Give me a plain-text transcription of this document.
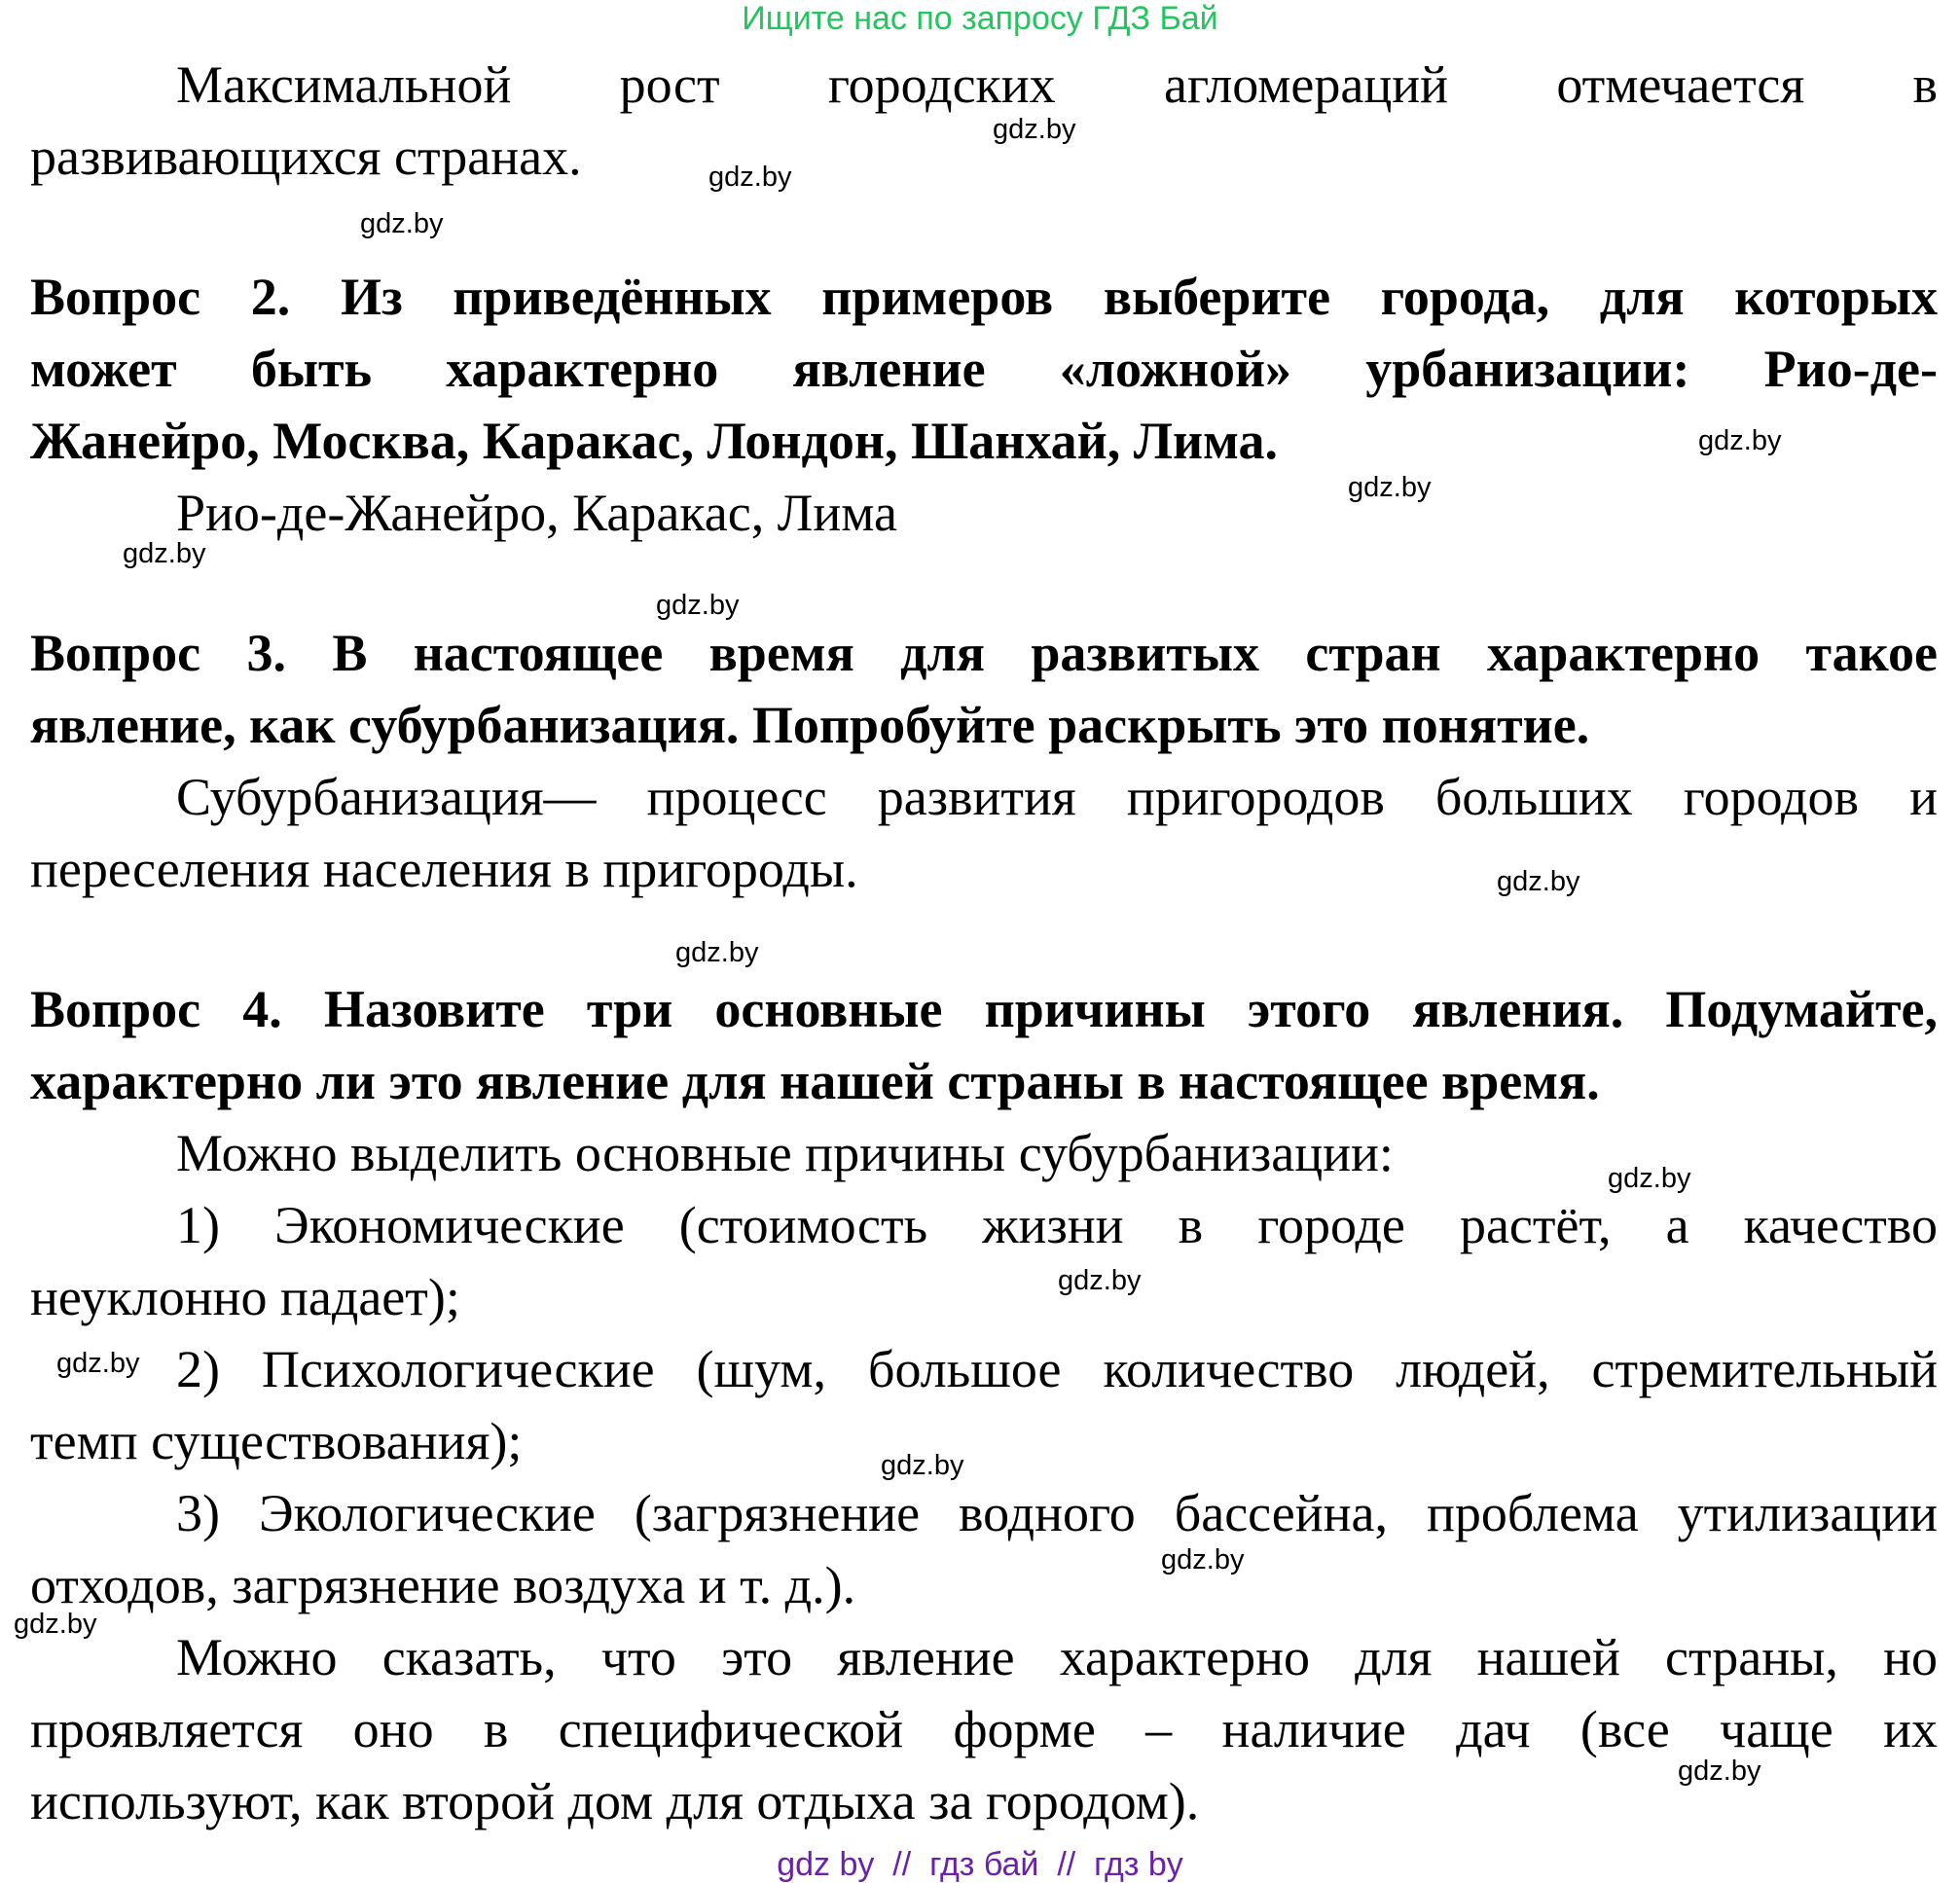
Ищите нас по запросу ГДЗ Бай
Максимальной рост городских агломераций отмечается в
развивающихся странах.
Вопрос 2. Из приведённых примеров выберите города, для которых
может быть характерно явление «ложной» урбанизации: Рио-де-
Жанейро, Москва, Каракас, Лондон, Шанхай, Лима.
Рио-де-Жанейро, Каракас, Лима
Вопрос 3. В настоящее время для развитых стран характерно такое
явление, как субурбанизация. Попробуйте раскрыть это понятие.
Субурбанизация— процесс развития пригородов больших городов и
переселения населения в пригороды.
Вопрос 4. Назовите три основные причины этого явления. Подумайте,
характерно ли это явление для нашей страны в настоящее время.
Можно выделить основные причины субурбанизации:
1) Экономические (стоимость жизни в городе растёт, а качество
неуклонно падает);
2) Психологические (шум, большое количество людей, стремительный
темп существования);
3) Экологические (загрязнение водного бассейна, проблема утилизации
отходов, загрязнение воздуха и т. д.).
Можно сказать, что это явление характерно для нашей страны, но
проявляется оно в специфической форме – наличие дач (все чаще их
используют, как второй дом для отдыха за городом).
gdz.by
gdz.by
gdz.by
gdz.by
gdz.by
gdz.by
gdz.by
gdz.by
gdz.by
gdz.by
gdz.by
gdz.by
gdz.by
gdz.by
gdz.by
gdz.by
gdz by  //  гдз бай  //  гдз by
